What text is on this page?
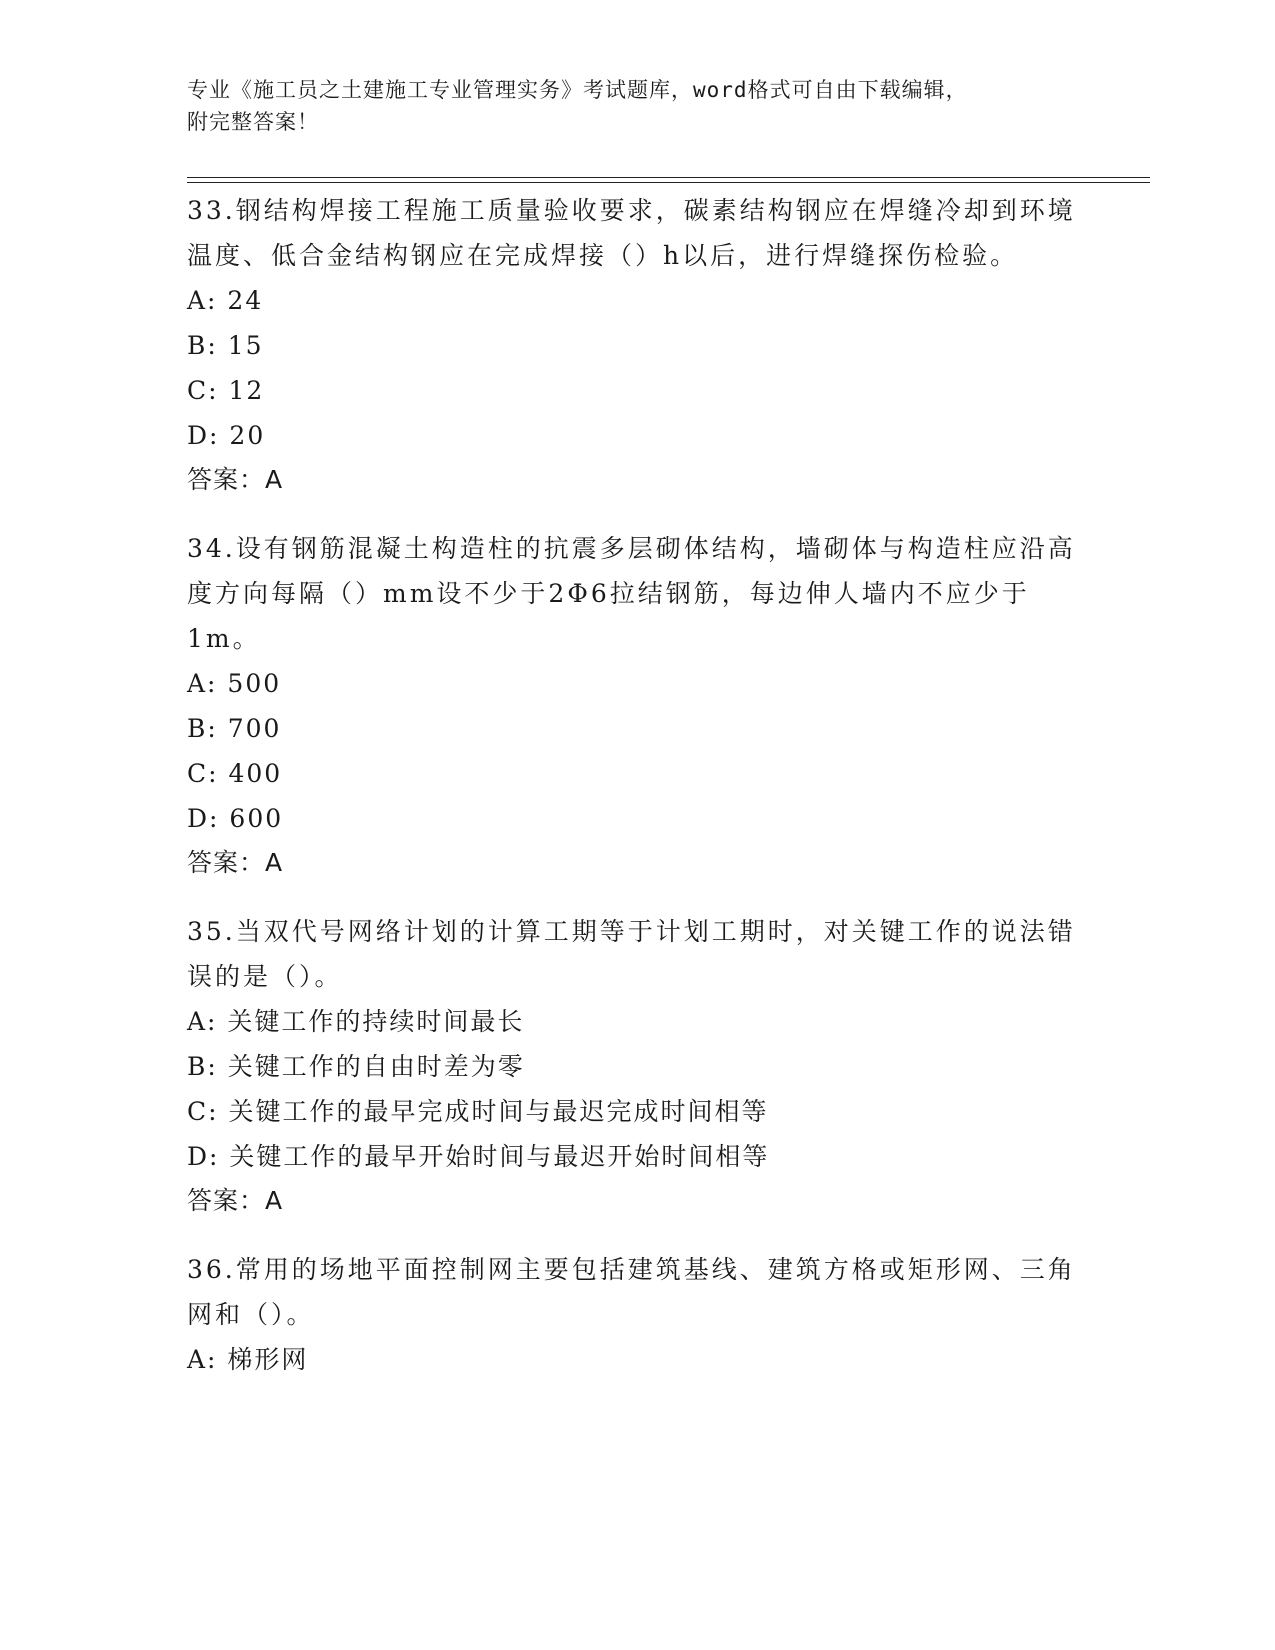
专业《施工员之土建施工专业管理实务》考试题库，word格式可自由下载编辑，
附完整答案！

33.钢结构焊接工程施工质量验收要求，碳素结构钢应在焊缝冷却到环境温度、低合金结构钢应在完成焊接（）h以后，进行焊缝探伤检验。

A: 24

B: 15

C: 12

D: 20

答案：A

34.设有钢筋混凝土构造柱的抗震多层砌体结构，墙砌体与构造柱应沿高度方向每隔（）mm设不少于2Φ6拉结钢筋，每边伸人墙内不应少于1m。

A: 500

B: 700

C: 400

D: 600

答案：A

35.当双代号网络计划的计算工期等于计划工期时，对关键工作的说法错误的是（）。

A: 关键工作的持续时间最长

B: 关键工作的自由时差为零

C: 关键工作的最早完成时间与最迟完成时间相等

D: 关键工作的最早开始时间与最迟开始时间相等

答案：A

36.常用的场地平面控制网主要包括建筑基线、建筑方格或矩形网、三角网和（）。

A: 梯形网
